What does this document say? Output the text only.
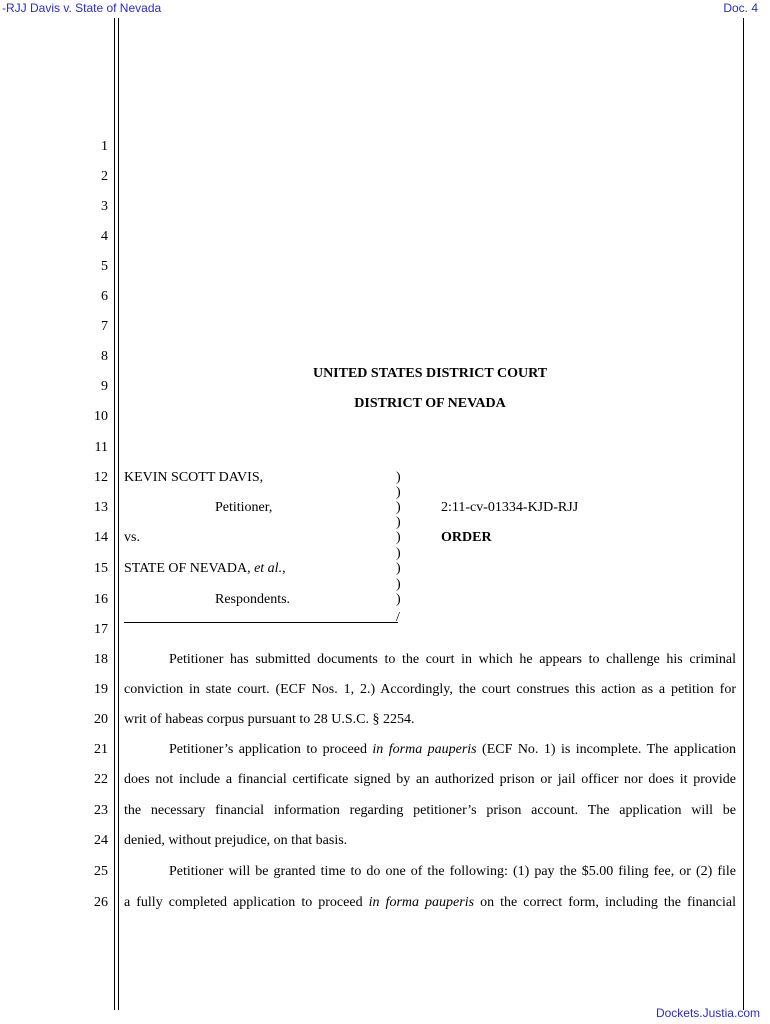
-RJJ Davis v. State of Nevada	Doc. 4
1
2
3
4
5
6
7
8
9
10
11
12
13
14
15
16
17
18
19
20
21
22
23
24
25
26
UNITED STATES DISTRICT COURT
DISTRICT OF NEVADA
KEVIN SCOTT DAVIS,
Petitioner,
vs.
STATE OF NEVADA, et al.,
Respondents.
)
)
)
)
)
)
)
)
)
/
2:11-cv-01334-KJD-RJJ
ORDER
Petitioner has submitted documents to the court in which he appears to challenge his criminal
conviction in state court. (ECF Nos. 1, 2.) Accordingly, the court construes this action as a petition for
writ of habeas corpus pursuant to 28 U.S.C. § 2254.
Petitioner’s application to proceed in forma pauperis (ECF No. 1) is incomplete. The application
does not include a financial certificate signed by an authorized prison or jail officer nor does it provide
the necessary financial information regarding petitioner’s prison account. The application will be
denied, without prejudice, on that basis.
Petitioner will be granted time to do one of the following: (1) pay the $5.00 filing fee, or (2) file
a fully completed application to proceed in forma pauperis on the correct form, including the financial
Dockets.Justia.com
